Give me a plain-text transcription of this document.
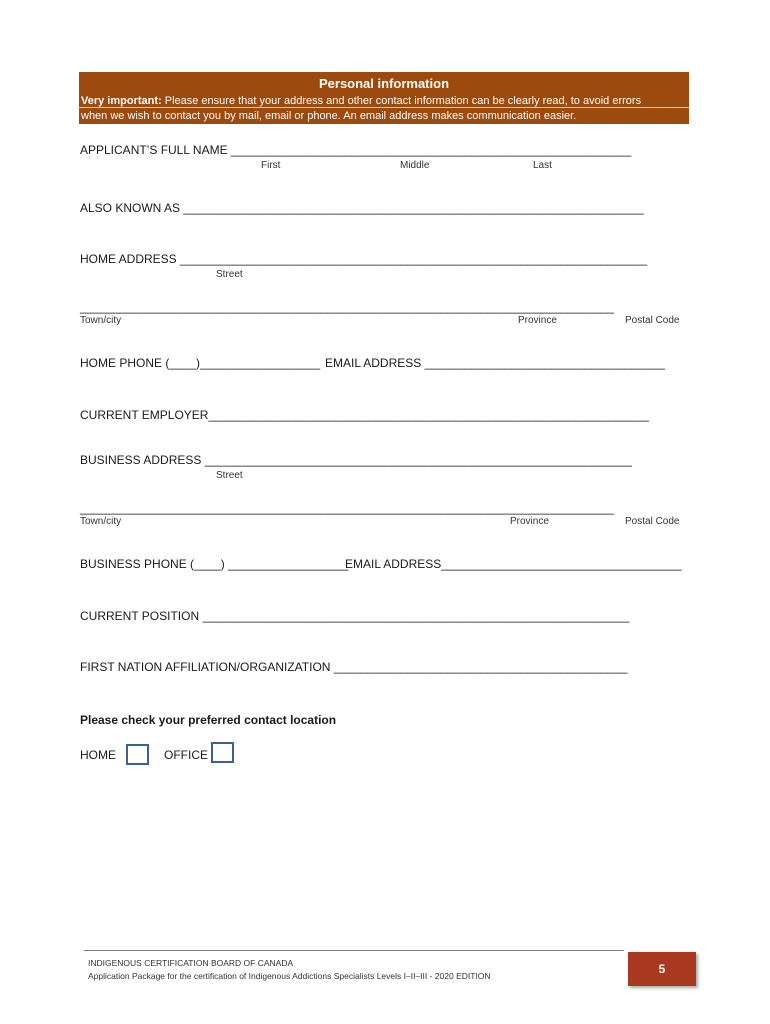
Personal information
Very important: Please ensure that your address and other contact information can be clearly read, to avoid errors
when we wish to contact you by mail, email or phone. An email address makes communication easier.
APPLICANT’S FULL NAME ____________________________________________________________
First	Middle	Last
ALSO KNOWN AS _____________________________________________________________________
HOME ADDRESS ______________________________________________________________________
Street
________________________________________________________________________________
Town/city	Province	Postal Code
HOME PHONE (____)__________________ EMAIL ADDRESS ____________________________________
CURRENT EMPLOYER__________________________________________________________________
BUSINESS ADDRESS ________________________________________________________________
Street
________________________________________________________________________________
Town/city	Province	Postal Code
BUSINESS PHONE (____) __________________
EMAIL ADDRESS____________________________________
CURRENT POSITION ________________________________________________________________
FIRST NATION AFFILIATION/ORGANIZATION ____________________________________________
Please check your preferred contact location
HOME	OFFICE
INDIGENOUS CERTIFICATION BOARD OF CANADA
Application Package for the certification of Indigenous Addictions Specialists Levels I–II–III - 2020 EDITION	5
